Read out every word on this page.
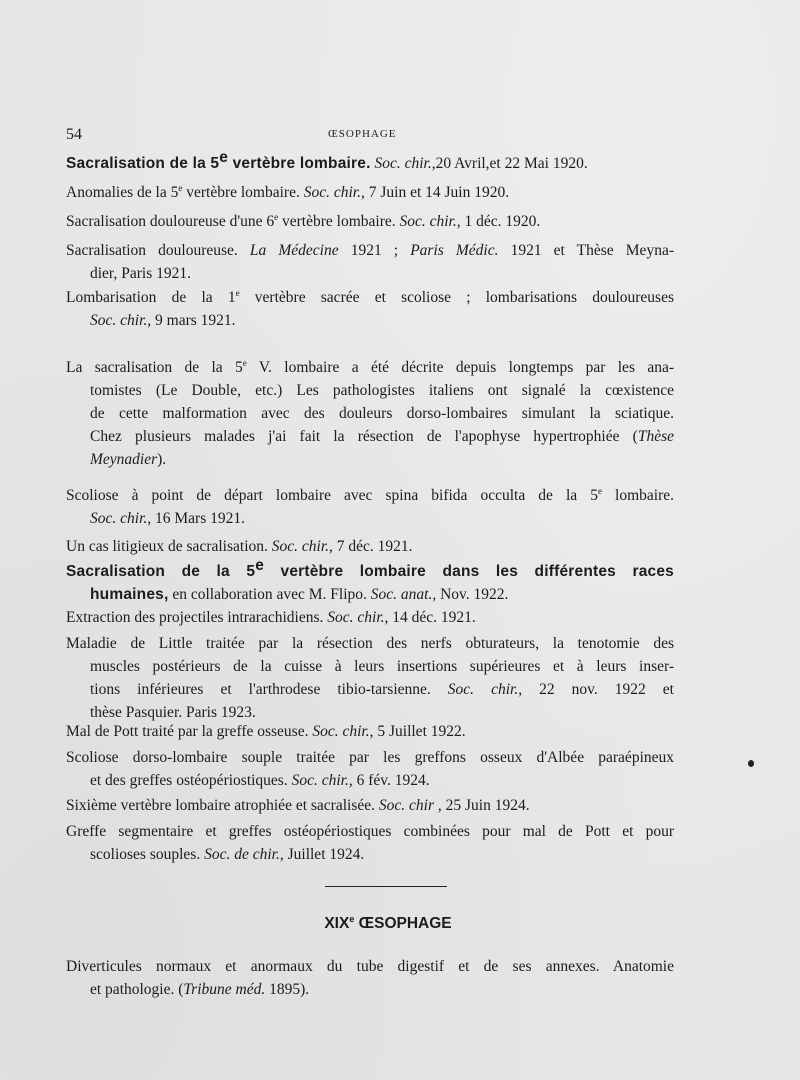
54	ŒSOPHAGE
Sacralisation de la 5e vertèbre lombaire. Soc. chir.,20 Avril,et 22 Mai 1920.
Anomalies de la 5e vertèbre lombaire. Soc. chir., 7 Juin et 14 Juin 1920.
Sacralisation douloureuse d'une 6e vertèbre lombaire. Soc. chir., 1 déc. 1920.
Sacralisation douloureuse. La Médecine 1921 ; Paris Médic. 1921 et Thèse Meyna-
dier, Paris 1921.
Lombarisation de la 1e vertèbre sacrée et scoliose ; lombarisations douloureuses
Soc. chir., 9 mars 1921.
La sacralisation de la 5e V. lombaire a été décrite depuis longtemps par les ana-
tomistes (Le Double, etc.) Les pathologistes italiens ont signalé la cœxistence
de cette malformation avec des douleurs dorso-lombaires simulant la sciatique.
Chez plusieurs malades j'ai fait la résection de l'apophyse hypertrophiée (Thèse
Meynadier).
Scoliose à point de départ lombaire avec spina bifida occulta de la 5e lombaire.
Soc. chir., 16 Mars 1921.
Un cas litigieux de sacralisation. Soc. chir., 7 déc. 1921.
Sacralisation de la 5e vertèbre lombaire dans les différentes races
humaines, en collaboration avec M. Flipo. Soc. anat., Nov. 1922.
Extraction des projectiles intrarachidiens. Soc. chir., 14 déc. 1921.
Maladie de Little traitée par la résection des nerfs obturateurs, la tenotomie des
muscles postérieurs de la cuisse à leurs insertions supérieures et à leurs inser-
tions inférieures et l'arthrodese tibio-tarsienne. Soc. chir., 22 nov. 1922 et
thèse Pasquier. Paris 1923.
Mal de Pott traité par la greffe osseuse. Soc. chir., 5 Juillet 1922.
Scoliose dorso-lombaire souple traitée par les greffons osseux d'Albée paraépineux
et des greffes ostéopériostiques. Soc. chir., 6 fév. 1924.
Sixième vertèbre lombaire atrophiée et sacralisée. Soc. chir , 25 Juin 1924.
Greffe segmentaire et greffes ostéopériostiques combinées pour mal de Pott et pour
scolioses souples. Soc. de chir., Juillet 1924.
Diverticules normaux et anormaux du tube digestif et de ses annexes. Anatomie
et pathologie. (Tribune méd. 1895).
XIXe ŒSOPHAGE
